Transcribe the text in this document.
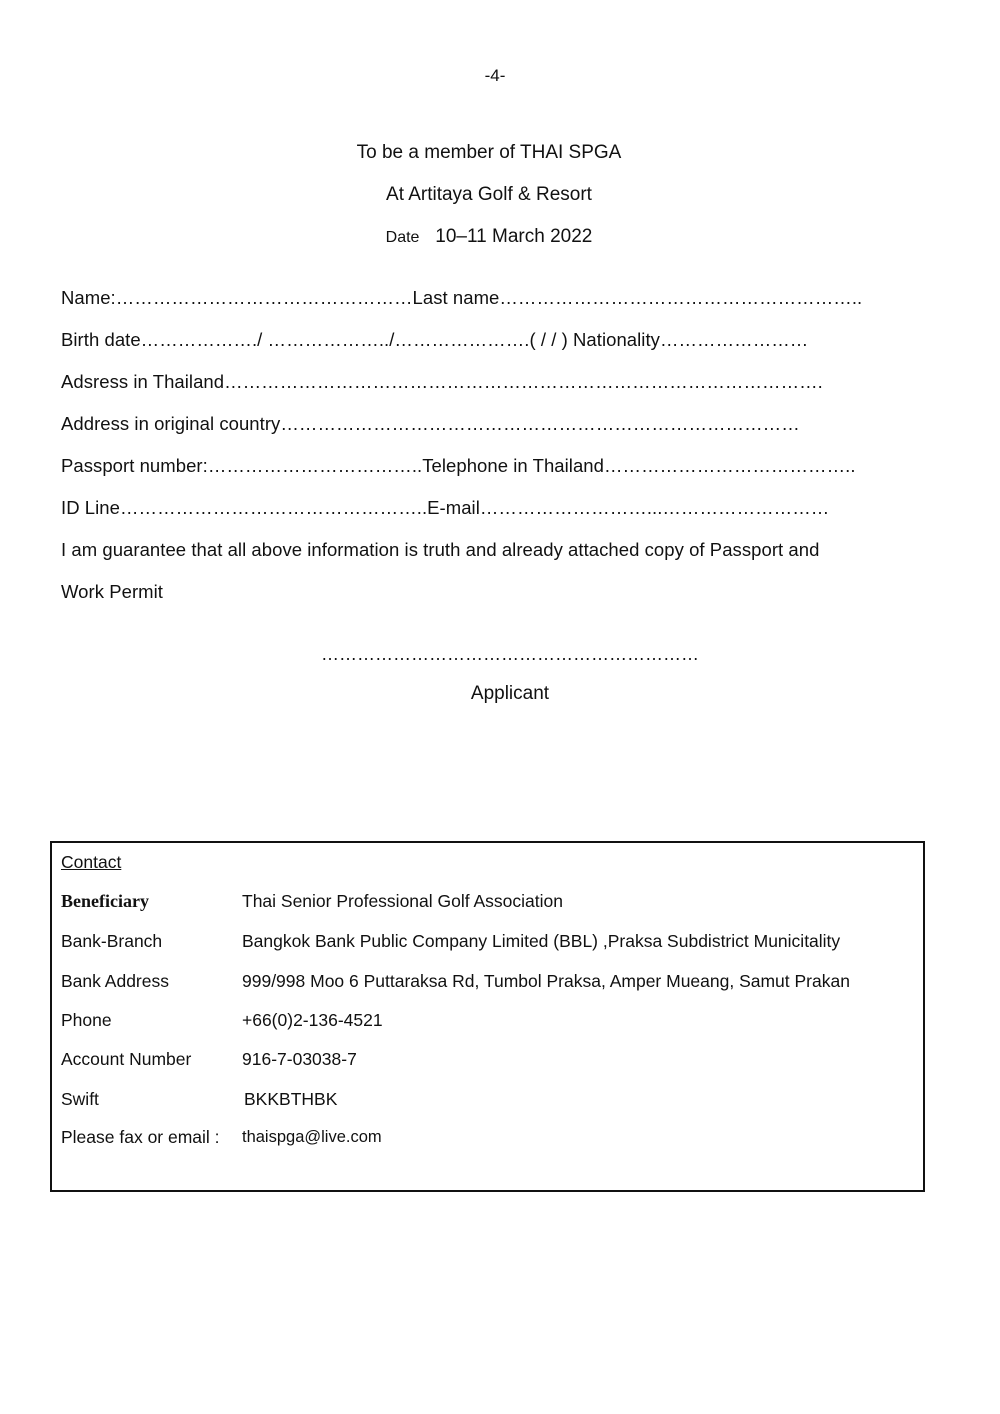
-4-
To be a member of THAI SPGA
At Artitaya Golf & Resort
Date 10–11 March 2022
Name:…………………………………………Last name…………………………………………………..
Birth date………………./ ………………../………………….( / / ) Nationality……………………
Adsress in Thailand…………………………………………………………………………………….
Address in original country…………………………………………………………………………
Passport number:……………………………..Telephone in Thailand…………………………………..
ID Line…………………………………………..E-mail………………………...………………………
I am guarantee that all above information is truth and already attached copy of Passport and
Work Permit
………………………………………………………
Applicant
Contact
Beneficiary	Thai Senior Professional Golf Association
Bank-Branch	Bangkok Bank Public Company Limited (BBL) ,Praksa Subdistrict Municitality
Bank Address	999/998 Moo 6 Puttaraksa Rd, Tumbol Praksa, Amper Mueang, Samut Prakan
Phone	+66(0)2-136-4521
Account Number	916-7-03038-7
Swift	BKKBTHBK
Please fax or email : thaispga@live.com
